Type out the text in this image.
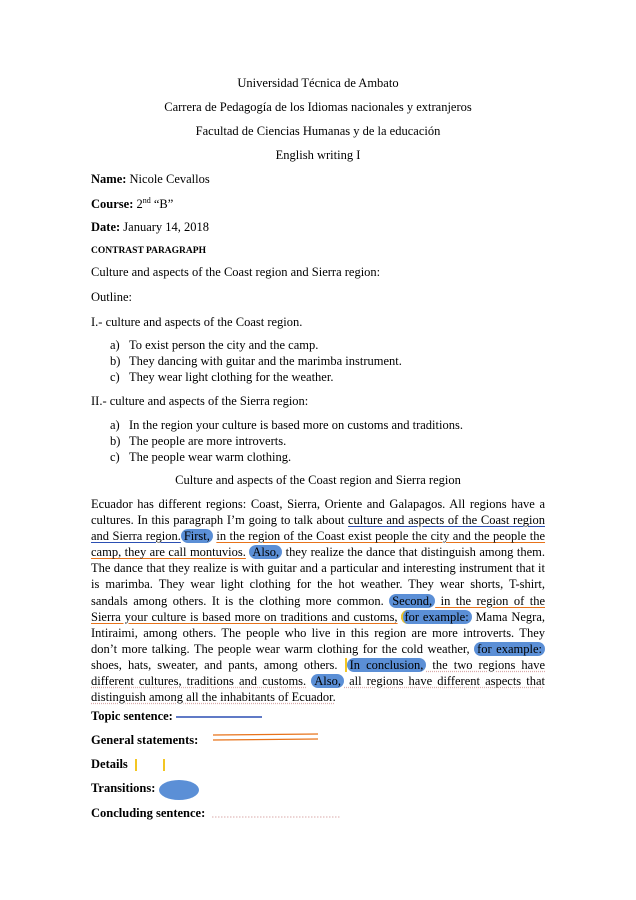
Universidad Técnica de Ambato
Carrera de Pedagogía de los Idiomas nacionales y extranjeros
Facultad de Ciencias Humanas y de la educación
English writing I
Name: Nicole Cevallos
Course: 2nd “B”
Date: January 14, 2018
CONTRAST PARAGRAPH
Culture and aspects of the Coast region and Sierra region:
Outline:
I.- culture and aspects of the Coast region.
a) To exist person the city and the camp.
b) They dancing with guitar and the marimba instrument.
c) They wear light clothing for the weather.
II.- culture and aspects of the Sierra region:
a) In the region your culture is based more on customs and traditions.
b) The people are more introverts.
c) The people wear warm clothing.
Culture and aspects of the Coast region and Sierra region
Ecuador has different regions: Coast, Sierra, Oriente and Galapagos. All regions have a cultures. In this paragraph I’m going to talk about culture and aspects of the Coast region and Sierra region. First, in the region of the Coast exist people the city and the people the camp, they are call montuvios. Also, they realize the dance that distinguish among them. The dance that they realize is with guitar and a particular and interesting instrument that it is marimba. They wear light clothing for the hot weather. They wear shorts, T-shirt, sandals among others. It is the clothing more common. Second, in the region of the Sierra your culture is based more on traditions and customs, for example: Mama Negra, Intiraimi, among others. The people who live in this region are more introverts. They don’t more talking. The people wear warm clothing for the cold weather, for example: shoes, hats, sweater, and pants, among others. In conclusion, the two regions have different cultures, traditions and customs. Also, all regions have different aspects that distinguish among all the inhabitants of Ecuador.
Topic sentence:
General statements:
Details
Transitions:
Concluding sentence:
